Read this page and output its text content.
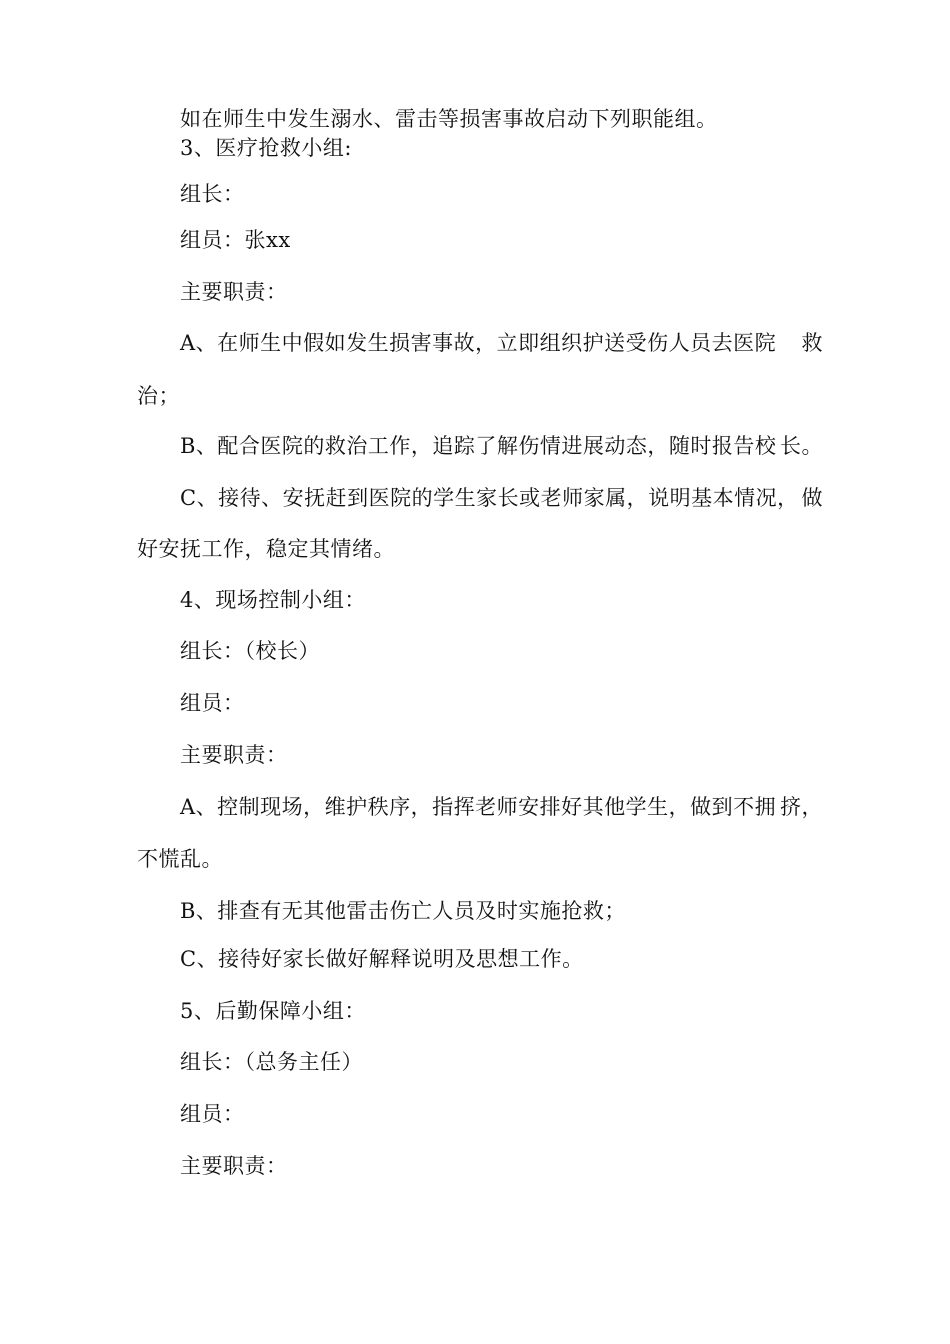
如在师生中发生溺水、雷击等损害事故启动下列职能组。
3、医疗抢救小组:
组长：
组员：张xx
主要职责：
A、在师生中假如发生损害事故，立即组织护送受伤人员去医院 救
治；
B、配合医院的救治工作，追踪了解伤情进展动态，随时报告校 长。
C、接待、安抚赶到医院的学生家长或老师家属，说明基本情况， 做
好安抚工作，稳定其情绪。
4、现场控制小组：
组长：（校长）
组员：
主要职责：
A、控制现场，维护秩序，指挥老师安排好其他学生，做到不拥 挤，
不慌乱。
B、排查有无其他雷击伤亡人员及时实施抢救；
C、接待好家长做好解释说明及思想工作。
5、后勤保障小组：
组长：（总务主任）
组员：
主要职责：
